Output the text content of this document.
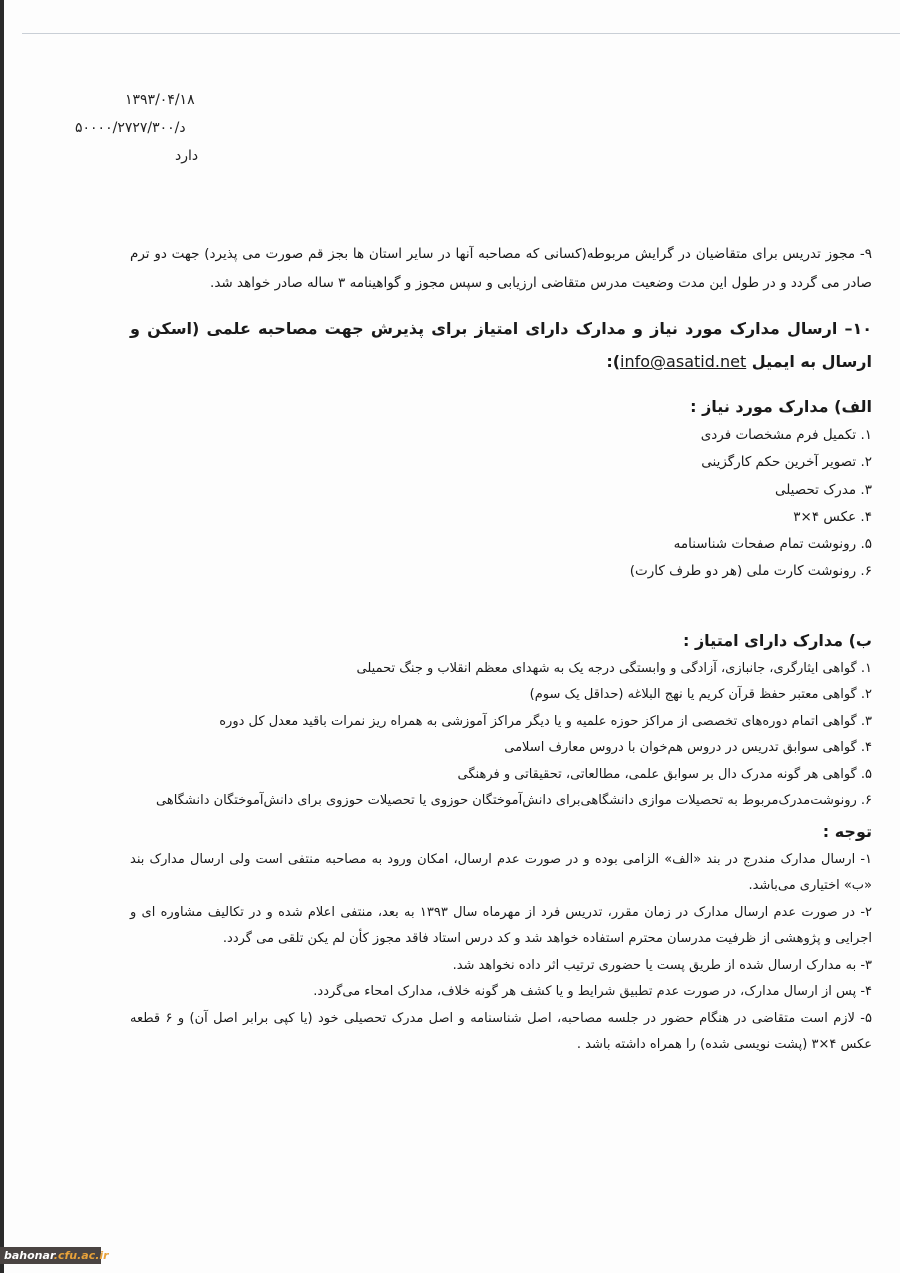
۱۳۹۳/۰۴/۱۸
د/۵۰۰۰۰/۲۷۲۷/۳۰۰
دارد

۹- مجوز تدریس برای متقاضیان در گرایش مربوطه(کسانی که مصاحبه آنها در سایر استان ها بجز قم صورت می پذیرد) جهت دو ترم صادر می گردد و در طول این مدت وضعیت مدرس متقاضی ارزیابی و سپس مجوز و گواهینامه ۳ ساله صادر خواهد شد.

۱۰– ارسال مدارک مورد نیاز و مدارک دارای امتیاز برای پذیرش جهت مصاحبه علمی (اسکن و ارسال به ایمیل info@asatid.net):

الف) مدارک مورد نیاز :

۱. تکمیل فرم مشخصات فردی
۲. تصویر آخرین حکم کارگزینی
۳. مدرک تحصیلی
۴. عکس ۴×۳
۵. رونوشت تمام صفحات شناسنامه
۶. رونوشت کارت ملی (هر دو طرف کارت)

ب) مدارک دارای امتیاز :

۱. گواهی ایثارگری، جانبازی، آزادگی و وابستگی درجه یک به شهدای معظم انقلاب و جنگ تحمیلی
۲. گواهی معتبر حفظ قرآن کریم یا نهج البلاغه (حداقل یک سوم)
۳. گواهی اتمام دوره‌های تخصصی از مراکز حوزه علمیه و یا دیگر مراکز آموزشی به همراه ریز نمرات باقید معدل کل دوره
۴. گواهی سوابق تدریس در دروس هم‌خوان با دروس معارف اسلامی
۵. گواهی هر گونه مدرک دال بر سوابق علمی، مطالعاتی، تحقیقاتی و فرهنگی
۶. رونوشت‌مدرک‌مربوط به تحصیلات موازی دانشگاهی‌برای دانش‌آموختگان حوزوی یا تحصیلات حوزوی برای دانش‌آموختگان دانشگاهی

توجه :

۱- ارسال مدارک مندرج در بند «الف» الزامی بوده و در صورت عدم ارسال، امکان ورود به مصاحبه منتفی است ولی ارسال مدارک بند «ب» اختیاری می‌باشد.

۲- در صورت عدم ارسال مدارک در زمان مقرر، تدریس فرد از مهرماه سال ۱۳۹۳ به بعد، منتفی اعلام شده و در تکالیف مشاوره ای و اجرایی و پژوهشی از ظرفیت مدرسان محترم استفاده خواهد شد و کد درس استاد فاقد مجوز کأن لم یکن تلقی می گردد.

۳- به مدارک ارسال شده از طریق پست یا حضوری ترتیب اثر داده نخواهد شد.

۴- پس از ارسال مدارک، در صورت عدم تطبیق شرایط و یا کشف هر گونه خلاف، مدارک امحاء می‌گردد.

۵- لازم است متقاضی در هنگام حضور در جلسه مصاحبه، اصل شناسنامه و اصل مدرک تحصیلی خود (یا کپی برابر اصل آن) و ۶ قطعه عکس ۴×۳ (پشت نویسی شده) را همراه داشته باشد .

bahonar.cfu.ac.ir
